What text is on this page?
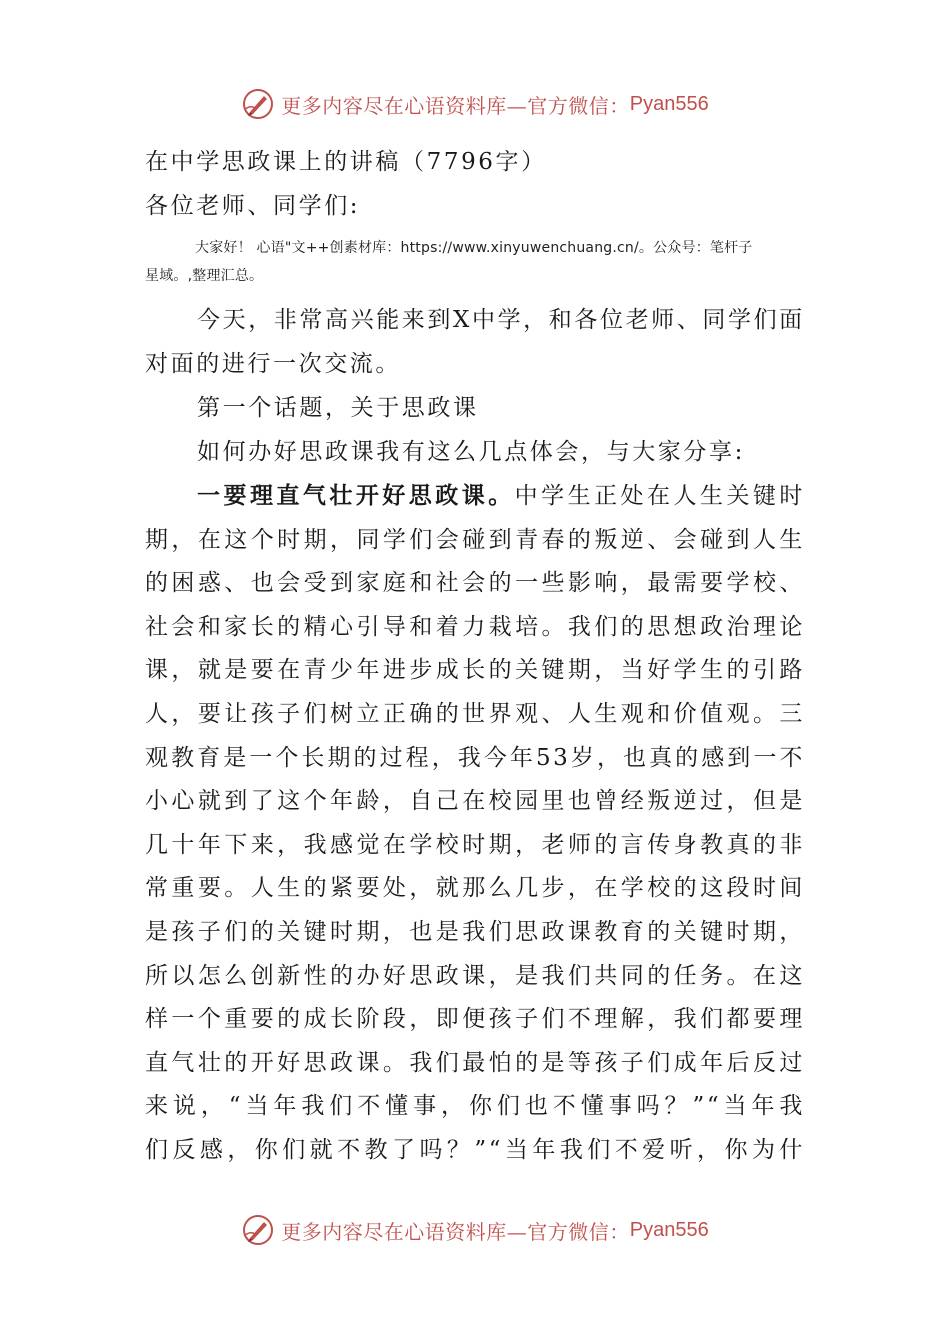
更多内容尽在心语资料库—官方微信： Pyan556
在中学思政课上的讲稿（7796字）
各位老师、同学们:
大家好！ 心语"文++创素材库：https://www.xinyuwenchuang.cn/。公众号：笔杆子
星域。,整理汇总。
今天，非常高兴能来到X中学，和各位老师、同学们面
对面的进行一次交流。
第一个话题，关于思政课
如何办好思政课我有这么几点体会，与大家分享:
一要理直气壮开好思政课。中学生正处在人生关键时
期，在这个时期，同学们会碰到青春的叛逆、会碰到人生
的困惑、也会受到家庭和社会的一些影响，最需要学校、
社会和家长的精心引导和着力栽培。我们的思想政治理论
课，就是要在青少年进步成长的关键期，当好学生的引路
人，要让孩子们树立正确的世界观、人生观和价值观。三
观教育是一个长期的过程，我今年53岁，也真的感到一不
小心就到了这个年龄，自己在校园里也曾经叛逆过，但是
几十年下来，我感觉在学校时期，老师的言传身教真的非
常重要。人生的紧要处，就那么几步，在学校的这段时间
是孩子们的关键时期，也是我们思政课教育的关键时期，
所以怎么创新性的办好思政课，是我们共同的任务。在这
样一个重要的成长阶段，即便孩子们不理解，我们都要理
直气壮的开好思政课。我们最怕的是等孩子们成年后反过
来说，“当年我们不懂事，你们也不懂事吗？”“当年我
们反感，你们就不教了吗？”“当年我们不爱听，你为什
更多内容尽在心语资料库—官方微信： Pyan556
